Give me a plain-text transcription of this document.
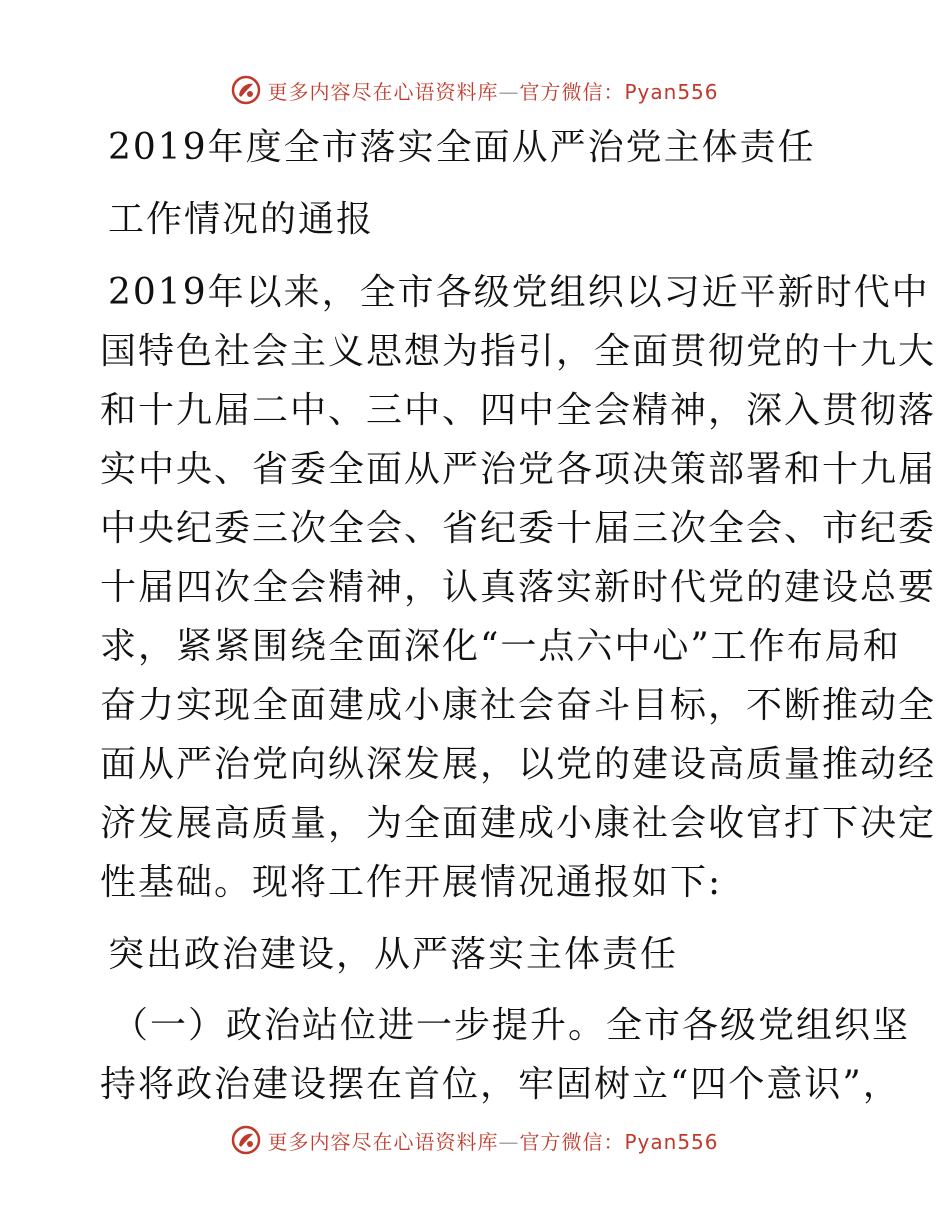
更多内容尽在心语资料库—官方微信：Pyan556
2019年度全市落实全面从严治党主体责任
工作情况的通报
2019年以来，全市各级党组织以习近平新时代中
国特色社会主义思想为指引，全面贯彻党的十九大
和十九届二中、三中、四中全会精神，深入贯彻落
实中央、省委全面从严治党各项决策部署和十九届
中央纪委三次全会、省纪委十届三次全会、市纪委
十届四次全会精神，认真落实新时代党的建设总要
求，紧紧围绕全面深化“一点六中心”工作布局和
奋力实现全面建成小康社会奋斗目标，不断推动全
面从严治党向纵深发展，以党的建设高质量推动经
济发展高质量，为全面建成小康社会收官打下决定
性基础。现将工作开展情况通报如下:
突出政治建设，从严落实主体责任
（一）政治站位进一步提升。全市各级党组织坚
持将政治建设摆在首位，牢固树立“四个意识”，
更多内容尽在心语资料库—官方微信：Pyan556
